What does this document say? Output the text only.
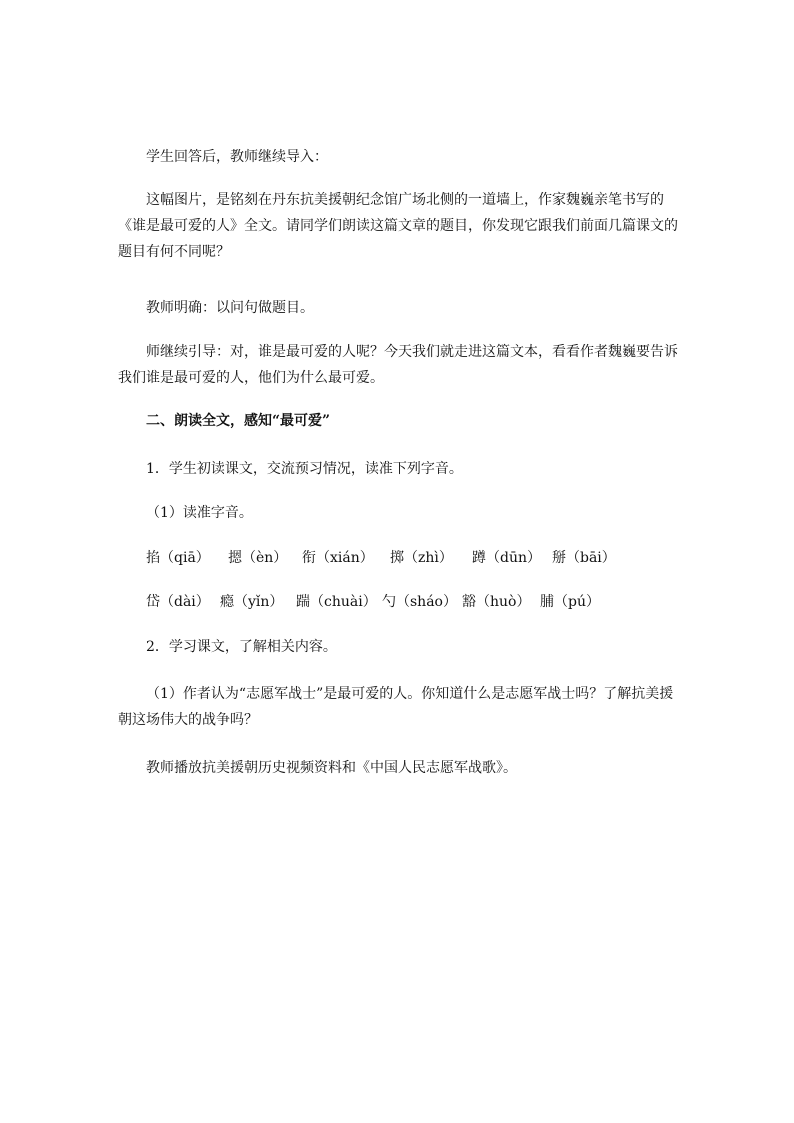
学生回答后，教师继续导入：
这幅图片，是铭刻在丹东抗美援朝纪念馆广场北侧的一道墙上，作家魏巍亲笔书写的《谁是最可爱的人》全文。请同学们朗读这篇文章的题目，你发现它跟我们前面几篇课文的题目有何不同呢？
教师明确：以问句做题目。
师继续引导：对，谁是最可爱的人呢？今天我们就走进这篇文本，看看作者魏巍要告诉我们谁是最可爱的人，他们为什么最可爱。
二、朗读全文，感知“最可爱”
1．学生初读课文，交流预习情况，读准下列字音。
（1）读准字音。
掐（qiā） 摁（èn） 衔（xián） 掷（zhì） 蹲（dūn） 掰（bāi）
岱（dài） 瘾（yǐn） 踹（chuài） 勺（sháo） 豁（huò） 脯（pú）
2．学习课文，了解相关内容。
（1）作者认为“志愿军战士”是最可爱的人。你知道什么是志愿军战士吗？了解抗美援朝这场伟大的战争吗？
教师播放抗美援朝历史视频资料和《中国人民志愿军战歌》。
